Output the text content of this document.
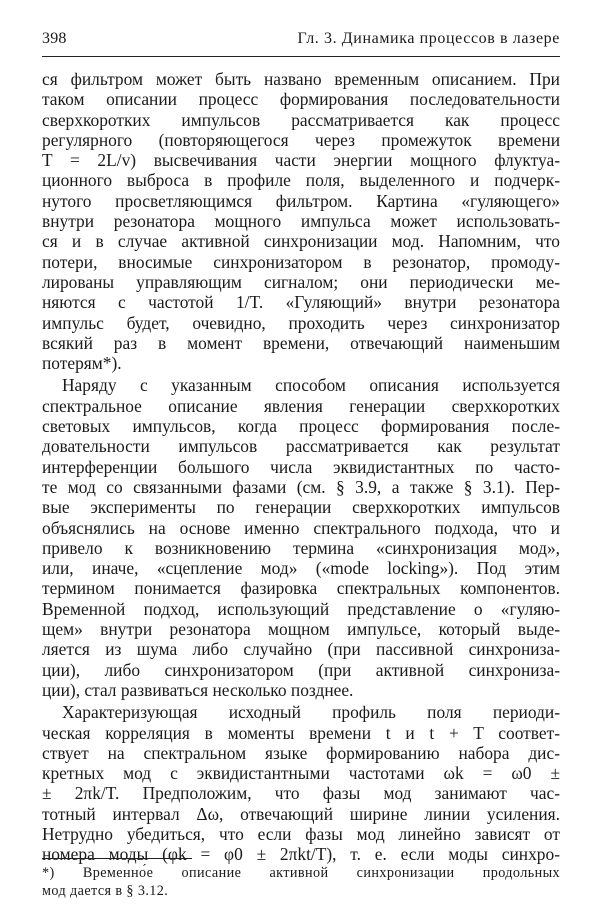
398	Гл. 3. Динамика процессов в лазере
ся фильтром может быть названо временным описанием. При
таком описании процесс формирования последовательности
сверхкоротких импульсов рассматривается как процесс
регулярного (повторяющегося через промежуток времени
T = 2L/v) высвечивания части энергии мощного флуктуа-
ционного выброса в профиле поля, выделенного и подчерк-
нутого просветляющимся фильтром. Картина «гуляющего»
внутри резонатора мощного импульса может использовать-
ся и в случае активной синхронизации мод. Напомним, что
потери, вносимые синхронизатором в резонатор, промоду-
лированы управляющим сигналом; они периодически ме-
няются с частотой 1/T. «Гуляющий» внутри резонатора
импульс будет, очевидно, проходить через синхронизатор
всякий раз в момент времени, отвечающий наименьшим
потерям*).
Наряду с указанным способом описания используется
спектральное описание явления генерации сверхкоротких
световых импульсов, когда процесс формирования после-
довательности импульсов рассматривается как результат
интерференции большого числа эквидистантных по часто-
те мод со связанными фазами (см. § 3.9, а также § 3.1). Пер-
вые эксперименты по генерации сверхкоротких импульсов
объяснялись на основе именно спектрального подхода, что и
привело к возникновению термина «синхронизация мод»,
или, иначе, «сцепление мод» («mode locking»). Под этим
термином понимается фазировка спектральных компонентов.
Временной подход, использующий представление о «гуляю-
щем» внутри резонатора мощном импульсе, который выде-
ляется из шума либо случайно (при пассивной синхрониза-
ции), либо синхронизатором (при активной синхрониза-
ции), стал развиваться несколько позднее.
Характеризующая исходный профиль поля периоди-
ческая корреляция в моменты времени t и t + T соответ-
ствует на спектральном языке формированию набора дис-
кретных мод с эквидистантными частотами ωk = ω0 ±
± 2πk/T. Предположим, что фазы мод занимают час-
тотный интервал Δω, отвечающий ширине линии усиления.
Нетрудно убедиться, что если фазы мод линейно зависят от
номера моды (φk = φ0 ± 2πkt/T), т. е. если моды синхро-
*) Временно́е описание активной синхронизации продольных
мод дается в § 3.12.
